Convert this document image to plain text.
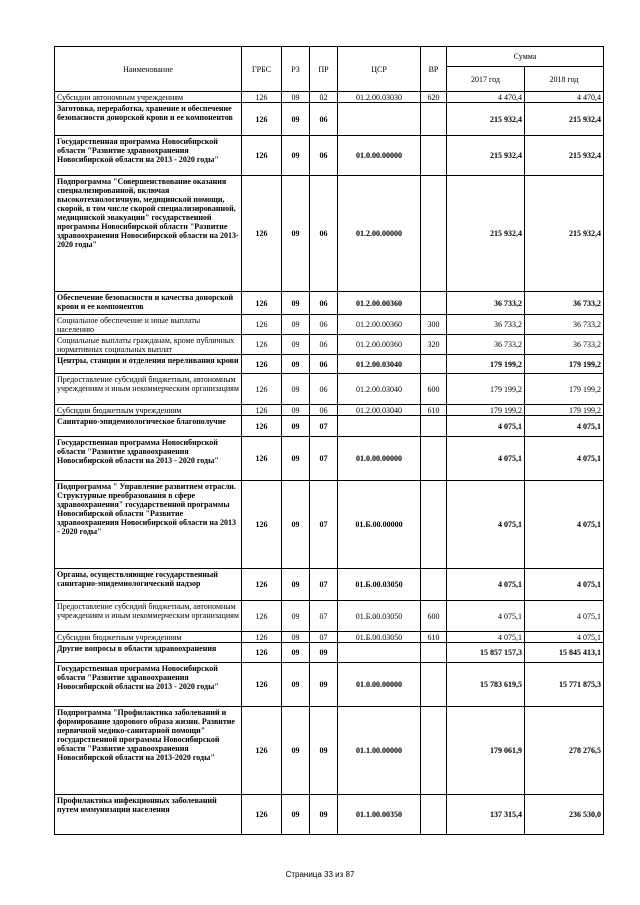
Наименование	ГРБС	РЗ	ПР	ЦСР	ВР	Сумма	
						2017 год	2018 год
Субсидии автономным учреждениям	126	09	02	01.2.00.03030	620	4 470,4	4 470,4
Заготовка, переработка, хранение и обеспечение безопасности донорской крови и ее компонентов	126	09	06			215 932,4	215 932,4
Государственная программа Новосибирской области "Развитие здравоохранения Новосибирской области на 2013 - 2020 годы"	126	09	06	01.0.00.00000		215 932,4	215 932,4
Подпрограмма "Совершенствование оказания специализированной, включая высокотехнологичную, медицинской помощи, скорой, в том числе скорой специализированной, медицинской эвакуации" государственной программы Новосибирской области "Развитие здравоохранения Новосибирской области на 2013-2020 годы"	126	09	06	01.2.00.00000		215 932,4	215 932,4
Обеспечение безопасности и качества донорской крови и ее компонентов	126	09	06	01.2.00.00360		36 733,2	36 733,2
Социальное обеспечение и иные выплаты населению	126	09	06	01.2.00.00360	300	36 733,2	36 733,2
Социальные выплаты гражданам, кроме публичных нормативных социальных выплат	126	09	06	01.2.00.00360	320	36 733,2	36 733,2
Центры, станции и отделения переливания крови	126	09	06	01.2.00.03040		179 199,2	179 199,2
Предоставление субсидий бюджетным, автономным учреждениям и иным некоммерческим организациям	126	09	06	01.2.00.03040	600	179 199,2	179 199,2
Субсидии бюджетным учреждениям	126	09	06	01.2.00.03040	610	179 199,2	179 199,2
Санитарно-эпидемиологическое благополучие	126	09	07			4 075,1	4 075,1
Государственная программа Новосибирской области "Развитие здравоохранения Новосибирской области на 2013 - 2020 годы"	126	09	07	01.0.00.00000		4 075,1	4 075,1
Подпрограмма " Управление развитием отрасли. Структурные преобразования в сфере здравоохранения" государственной программы Новосибирской области "Развитие здравоохранения Новосибирской области на 2013 - 2020 годы"	126	09	07	01.Б.00.00000		4 075,1	4 075,1
Органы, осуществляющие государственный санитарно-эпидемиологический надзор	126	09	07	01.Б.00.03050		4 075,1	4 075,1
Предоставление субсидий бюджетным, автономным учреждениям и иным некоммерческим организациям	126	09	07	01.Б.00.03050	600	4 075,1	4 075,1
Субсидии бюджетным учреждениям	126	09	07	01.Б.00.03050	610	4 075,1	4 075,1
Другие вопросы в области здравоохранения	126	09	09			15 857 157,3	15 845 413,1
Государственная программа Новосибирской области "Развитие здравоохранения Новосибирской области на 2013 - 2020 годы"	126	09	09	01.0.00.00000		15 783 619,5	15 771 875,3
Подпрограмма "Профилактика заболеваний и формирование здорового образа жизни. Развитие первичной медико-санитарной помощи" государственной программы Новосибирской области "Развитие здравоохранения Новосибирской области на 2013-2020 годы"	126	09	09	01.1.00.00000		179 061,9	278 276,5
Профилактика инфекционных заболеваний путем иммунизации населения	126	09	09	01.1.00.00350		137 315,4	236 530,0
Страница 33 из 87
